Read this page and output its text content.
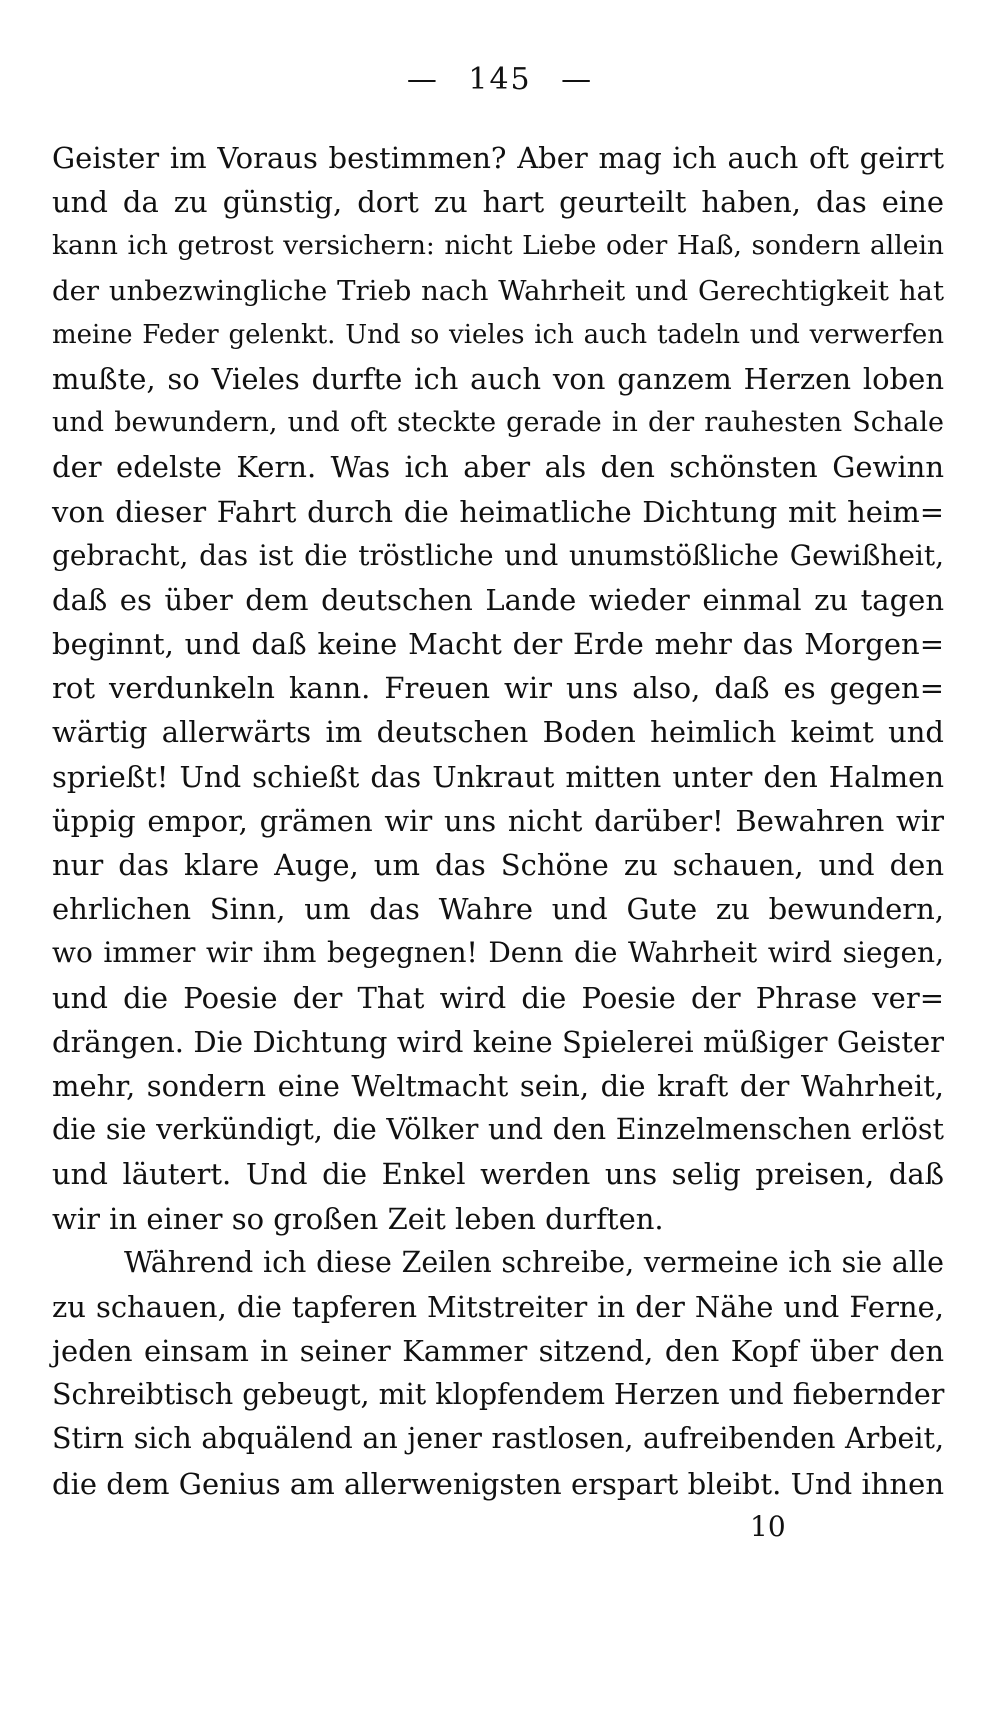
— 145 —
Geister im Voraus bestimmen? Aber mag ich auch oft geirrt
und da zu günstig, dort zu hart geurteilt haben, das eine
kann ich getrost versichern: nicht Liebe oder Haß, sondern allein
der unbezwingliche Trieb nach Wahrheit und Gerechtigkeit hat
meine Feder gelenkt. Und so vieles ich auch tadeln und verwerfen
mußte, so Vieles durfte ich auch von ganzem Herzen loben
und bewundern, und oft steckte gerade in der rauhesten Schale
der edelste Kern. Was ich aber als den schönsten Gewinn
von dieser Fahrt durch die heimatliche Dichtung mit heim=
gebracht, das ist die tröstliche und unumstößliche Gewißheit,
daß es über dem deutschen Lande wieder einmal zu tagen
beginnt, und daß keine Macht der Erde mehr das Morgen=
rot verdunkeln kann. Freuen wir uns also, daß es gegen=
wärtig allerwärts im deutschen Boden heimlich keimt und
sprießt! Und schießt das Unkraut mitten unter den Halmen
üppig empor, grämen wir uns nicht darüber! Bewahren wir
nur das klare Auge, um das Schöne zu schauen, und den
ehrlichen Sinn, um das Wahre und Gute zu bewundern,
wo immer wir ihm begegnen! Denn die Wahrheit wird siegen,
und die Poesie der That wird die Poesie der Phrase ver=
drängen. Die Dichtung wird keine Spielerei müßiger Geister
mehr, sondern eine Weltmacht sein, die kraft der Wahrheit,
die sie verkündigt, die Völker und den Einzelmenschen erlöst
und läutert. Und die Enkel werden uns selig preisen, daß
wir in einer so großen Zeit leben durften.
Während ich diese Zeilen schreibe, vermeine ich sie alle
zu schauen, die tapferen Mitstreiter in der Nähe und Ferne,
jeden einsam in seiner Kammer sitzend, den Kopf über den
Schreibtisch gebeugt, mit klopfendem Herzen und fiebernder
Stirn sich abquälend an jener rastlosen, aufreibenden Arbeit,
die dem Genius am allerwenigsten erspart bleibt. Und ihnen
10
